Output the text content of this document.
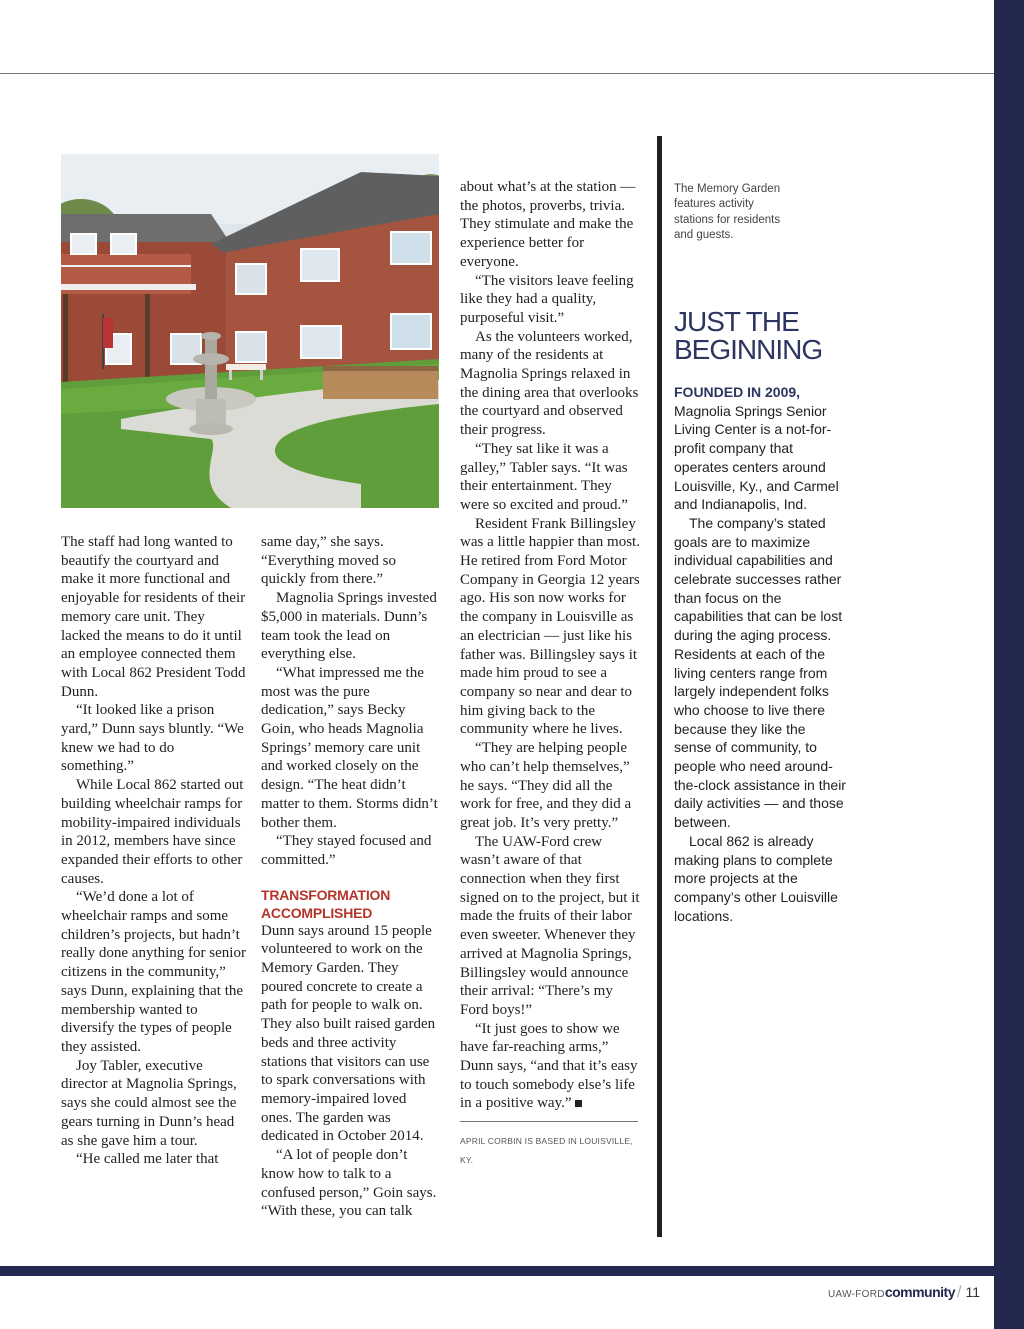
The staff had long wanted to beautify the courtyard and make it more functional and enjoyable for residents of their memory care unit. They lacked the means to do it until an employee connected them with Local 862 President Todd Dunn.

“It looked like a prison yard,” Dunn says bluntly. “We knew we had to do something.”

While Local 862 started out building wheelchair ramps for mobility-impaired individuals in 2012, members have since expanded their efforts to other causes.

“We’d done a lot of wheelchair ramps and some children’s projects, but hadn’t really done anything for senior citizens in the community,” says Dunn, explaining that the membership wanted to diversify the types of people they assisted.

Joy Tabler, executive director at Magnolia Springs, says she could almost see the gears turning in Dunn’s head as she gave him a tour.

“He called me later that

same day,” she says. “Everything moved so quickly from there.”

Magnolia Springs invested $5,000 in materials. Dunn’s team took the lead on everything else.

“What impressed me the most was the pure dedication,” says Becky Goin, who heads Magnolia Springs’ memory care unit and worked closely on the design. “The heat didn’t matter to them. Storms didn’t bother them.

“They stayed focused and committed.”

TRANSFORMATION ACCOMPLISHED

Dunn says around 15 people volunteered to work on the Memory Garden. They poured concrete to create a path for people to walk on. They also built raised garden beds and three activity stations that visitors can use to spark conversations with memory-impaired loved ones. The garden was dedicated in October 2014.

“A lot of people don’t know how to talk to a confused person,” Goin says. “With these, you can talk

about what’s at the station — the photos, proverbs, trivia. They stimulate and make the experience better for everyone.

“The visitors leave feeling like they had a quality, purposeful visit.”

As the volunteers worked, many of the residents at Magnolia Springs relaxed in the dining area that overlooks the courtyard and observed their progress.

“They sat like it was a galley,” Tabler says. “It was their entertainment. They were so excited and proud.”

Resident Frank Billingsley was a little happier than most. He retired from Ford Motor Company in Georgia 12 years ago. His son now works for the company in Louisville as an electrician — just like his father was. Billingsley says it made him proud to see a company so near and dear to him giving back to the community where he lives.

“They are helping people who can’t help themselves,” he says. “They did all the work for free, and they did a great job. It’s very pretty.”

The UAW-Ford crew wasn’t aware of that connection when they first signed on to the project, but it made the fruits of their labor even sweeter. Whenever they arrived at Magnolia Springs, Billingsley would announce their arrival: “There’s my Ford boys!”

“It just goes to show we have far-reaching arms,” Dunn says, “and that it’s easy to touch somebody else’s life in a positive way.”

APRIL CORBIN IS BASED IN LOUISVILLE, KY.
The Memory Garden features activity stations for residents and guests.
JUST THE
BEGINNING

FOUNDED IN 2009,
Magnolia Springs Senior Living Center is a not-for-profit company that operates centers around Louisville, Ky., and Carmel and Indianapolis, Ind.

The company’s stated goals are to maximize individual capabilities and celebrate successes rather than focus on the capabilities that can be lost during the aging process. Residents at each of the living centers range from largely independent folks who choose to live there because they like the sense of community, to people who need around-the-clock assistance in their daily activities — and those between.

Local 862 is already making plans to complete more projects at the company’s other Louisville locations.

UAW-FORDcommunity / 11
